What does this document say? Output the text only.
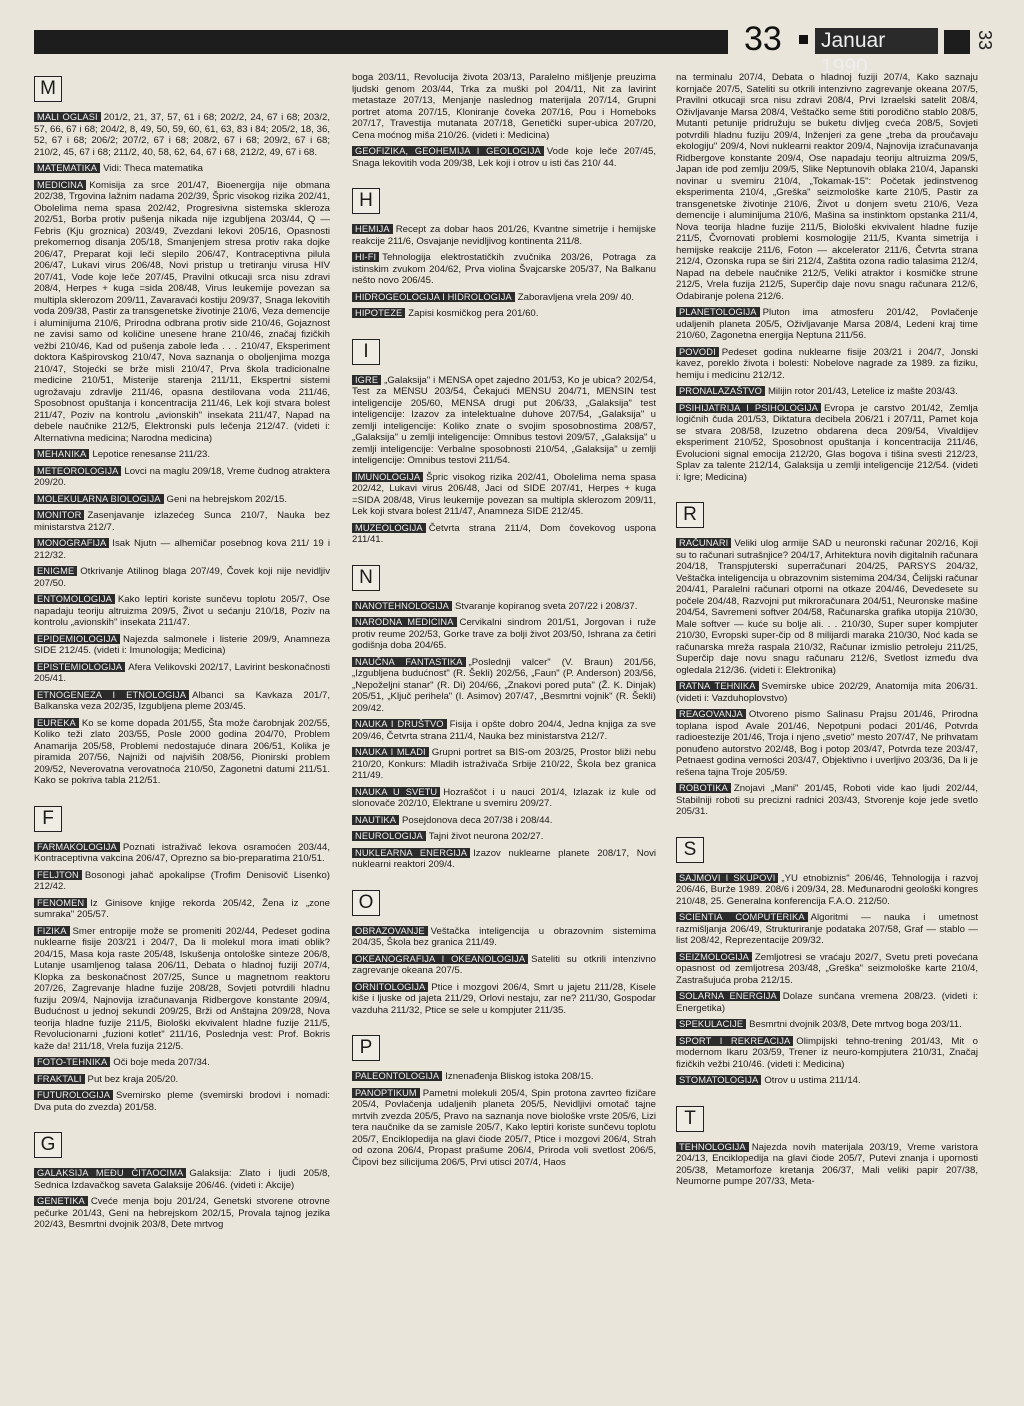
33 Januar 1990.
33
M
MALI OGLASI 201/2, 21, 37, 57, 61 i 68; 202/2, 24, 67 i 68; 203/2, 57, 66, 67 i 68; 204/2, 8, 49, 50, 59, 60, 61, 63, 83 i 84; 205/2, 18, 36, 52, 67 i 68; 206/2; 207/2, 67 i 68; 208/2, 67 i 68; 209/2, 67 i 68; 210/2, 45, 67 i 68; 211/2, 40, 58, 62, 64, 67 i 68, 212/2, 49, 67 i 68.
MATEMATIKA Vidi: Theca matematika
MEDICINA Komisija za srce 201/47, Bioenergija nije obmana 202/38, Trgovina lažnim nadama 202/39, Špric visokog rizika 202/41, Obolelima nema spasa 202/42, Progresivna sistemska skleroza 202/51, Borba protiv pušenja nikada nije izgubljena 203/44, Q — Febris (Kju groznica) 203/49, Zvezdani lekovi 205/16, Opasnosti prekomernog disanja 205/18, Smanjenjem stresa protiv raka dojke 206/47, Preparat koji leči slepilo 206/47, Kontraceptivna pilula 206/47, Lukavi virus 206/48, Novi pristup u tretiranju virusa HIV 207/41, Vode koje leče 207/45, Pravilni otkucaji srca nisu zdravi 208/4, Herpes + kuga =sida 208/48, Virus leukemije povezan sa multipla sklerozom 209/11, Zavaravaći kostiju 209/37, Snaga lekovitih voda 209/38, Pastir za transgenetske životinje 210/6, Veza demencije i aluminijuma 210/6, Prirodna odbrana protiv side 210/46, Gojaznost ne zavisi samo od količine unesene hrane 210/46, značaj fizičkih vežbi 210/46, Kad od pušenja zabole leđa . . . 210/47, Eksperiment doktora Kašpirovskog 210/47, Nova saznanja o oboljenjima mozga 210/47, Stojećki se brže misli 210/47, Prva škola tradicionalne medicine 210/51, Misterije starenja 211/11, Ekspertni sistemi ugrožavaju zdravlje 211/46, opasna destilovana voda 211/46, Sposobnost opuštanja i koncentracija 211/46, Lek koji stvara bolest 211/47, Poziv na kontrolu „avionskih" insekata 211/47, Napad na debele naučnike 212/5, Elektronski puls lečenja 212/47. (videti i: Alternativna medicina; Narodna medicina)
MEHANIKA Lepotice renesanse 211/23.
METEOROLOGIJA Lovci na maglu 209/18, Vreme čudnog atraktera 209/20.
MOLEKULARNA BIOLOGIJA Geni na hebrejskom 202/15.
MONITOR Zasenjavanje izlazećeg Sunca 210/7, Nauka bez ministarstva 212/7.
MONOGRAFIJA Isak Njutn — alhemičar posebnog kova 211/ 19 i 212/32.
ENIGME Otkrivanje Atilinog blaga 207/49, Čovek koji nije nevidljiv 207/50.
ENTOMOLOGIJA Kako leptiri koriste sunčevu toplotu 205/7, Ose napadaju teoriju altruizma 209/5, Život u sećanju 210/18, Poziv na kontrolu „avionskih" insekata 211/47.
EPIDEMIOLOGIJA Najezda salmonele i listerie 209/9, Anamneza SIDE 212/45. (videti i: Imunologija; Medicina)
EPISTEMIOLOGIJA Afera Velikovski 202/17, Lavirint beskonačnosti 205/41.
ETNOGENEZA I ETNOLOGIJA Albanci sa Kavkaza 201/7, Balkanska veza 202/35, Izgubljena pleme 203/45.
EUREKA Ko se kome dopada 201/55, Šta može čarobnjak 202/55, Koliko teži zlato 203/55, Posle 2000 godina 204/70, Problem Anamarija 205/58, Problemi nedostajuće dinara 206/51, Kolika je piramida 207/56, Najniži od najviših 208/56, Pionirski problem 209/52, Neverovatna verovatnoća 210/50, Zagonetni datumi 211/51. Kako se pokriva tabla 212/51.
F
FARMAKOLOGIJA Poznati istraživač lekova osramoćen 203/44, Kontraceptivna vakcina 206/47, Oprezno sa bio-preparatima 210/51.
FELJTON Bosonogi jahač apokalipse (Trofim Denisovič Lisenko) 212/42.
FENOMEN Iz Ginisove knjige rekorda 205/42, Žena iz „zone sumraka" 205/57.
FIZIKA Smer entropije može se promeniti 202/44, Pedeset godina nuklearne fisije 203/21 i 204/7, Da li molekul mora imati oblik? 204/15, Masa koja raste 205/48, Iskušenja ontološke sinteze 206/8, Lutanje usamljenog talasa 206/11, Debata o hladnoj fuziji 207/4, Klopka za beskonačnost 207/25, Sunce u magnetnom reaktoru 207/26, Zagrevanje hladne fuzije 208/28, Sovjeti potvrdili hladnu fuziju 209/4, Najnovija izračunavanja Ridbergove konstante 209/4, Budućnost u jednoj sekundi 209/25, Brži od Anštajna 209/28, Nova teorija hladne fuzije 211/5, Biološki ekvivalent hladne fuzije 211/5, Revolucionarni „fuzioni kotlet" 211/16, Poslednja vest: Prof. Bokris kaže da! 211/18, Vrela fuzija 212/5.
FOTO-TEHNIKA Oči boje meda 207/34.
FRAKTALI Put bez kraja 205/20.
FUTUROLOGIJA Svemirsko pleme (svemirski brodovi i nomadi: Dva puta do zvezda) 201/58.
G
GALAKSIJA MEĐU ČITAOCIMA Galaksija: Zlato i ljudi 205/8, Sednica Izdavačkog saveta Galaksije 206/46. (videti i: Akcije)
GENETIKA Cveće menja boju 201/24, Genetski stvorene otrovne pečurke 201/43, Geni na hebrejskom 202/15, Provala tajnog jezika 202/43, Besmrtni dvojnik 203/8, Dete mrtvog
boga 203/11, Revolucija života 203/13, Paralelno mišljenje preuzima ljudski genom 203/44, Trka za muški pol 204/11, Nit za lavirint metastaze 207/13, Menjanje naslednog materijala 207/14, Grupni portret atoma 207/15, Kloniranje čoveka 207/16, Pou i Homeboks 207/17, Travestija mutanata 207/18, Genetički super-ubica 207/20, Cena moćnog miša 210/26. (videti i: Medicina)
GEOFIZIKA, GEOHEMIJA I GEOLOGIJA Vode koje leče 207/45, Snaga lekovitih voda 209/38, Lek koji i otrov u isti čas 210/ 44.
H
HEMIJA Recept za dobar haos 201/26, Kvantne simetrije i hemijske reakcije 211/6, Osvajanje nevidljivog kontinenta 211/8.
HI-FI Tehnologija elektrostatičkih zvučnika 203/26, Potraga za istinskim zvukom 204/62, Prva violina Švajcarske 205/37, Na Balkanu nešto novo 206/45.
HIDROGEOLOGIJA I HIDROLOGIJA Zaboravljena vrela 209/ 40.
HIPOTEZE Zapisi kosmičkog pera 201/60.
I
IGRE „Galaksija" i MENSA opet zajedno 201/53, Ko je ubica? 202/54, Test za MENSU 203/54, Čekajući MENSU 204/71, MENSIN test inteligencije 205/60, MENSA drugi put 206/33, „Galaksija" test inteligencije: Izazov za intelektualne duhove 207/54, „Galaksija" u zemlji inteligencije: Koliko znate o svojim sposobnostima 208/57, „Galaksija" u zemlji inteligencije: Omnibus testovi 209/57, „Galaksija" u zemlji inteligencije: Verbalne sposobnosti 210/54, „Galaksija" u zemlji inteligencije: Omnibus testovi 211/54.
IMUNOLOGIJA Špric visokog rizika 202/41, Obolelima nema spasa 202/42, Lukavi virus 206/48, Jaci od SIDE 207/41, Herpes + kuga =SIDA 208/48, Virus leukemije povezan sa multipla sklerozom 209/11, Lek koji stvara bolest 211/47, Anamneza SIDE 212/45.
MUZEOLOGIJA Četvrta strana 211/4, Dom čovekovog uspona 211/41.
N
NANOTEHNOLOGIJA Stvaranje kopiranog sveta 207/22 i 208/37.
NARODNA MEDICINA Cervikalni sindrom 201/51, Jorgovan i ruže protiv reume 202/53, Gorke trave za bolji život 203/50, Ishrana za četiri godišnja doba 204/65.
NAUČNA FANTASTIKA „Poslednji valcer" (V. Braun) 201/56, „Izgubljena budućnost" (R. Šekli) 202/56, „Faun" (P. Anderson) 203/56, „Nepoželjni stanar" (R. Di) 204/66, „Znakovi pored puta" (Ž. K. Dinjak) 205/51, „Ključ perihela" (I. Asimov) 207/47, „Besmrtni vojnik" (R. Šekli) 209/42.
NAUKA I DRUŠTVO Fisija i opšte dobro 204/4, Jedna knjiga za sve 209/46, Četvrta strana 211/4, Nauka bez ministarstva 212/7.
NAUKA I MLADI Grupni portret sa BIS-om 203/25, Prostor bliži nebu 210/20, Konkurs: Mladih istraživača Srbije 210/22, Škola bez granica 211/49.
NAUKA U SVETU Hozraščot i u nauci 201/4, Izlazak iz kule od slonovače 202/10, Elektrane u svemiru 209/27.
NAUTIKA Posejdonova deca 207/38 i 208/44.
NEUROLOGIJA Tajni život neurona 202/27.
NUKLEARNA ENERGIJA Izazov nuklearne planete 208/17, Novi nuklearni reaktori 209/4.
O
OBRAZOVANJE Veštačka inteligencija u obrazovnim sistemima 204/35, Škola bez granica 211/49.
OKEANOGRAFIJA I OKEANOLOGIJA Sateliti su otkrili intenzivno zagrevanje okeana 207/5.
ORNITOLOGIJA Ptice i mozgovi 206/4, Smrt u jajetu 211/28, Kisele kiše i ljuske od jajeta 211/29, Orlovi nestaju, zar ne? 211/30, Gospodar vazduha 211/32, Ptice se sele u kompjuter 211/35.
P
PALEONTOLOGIJA Iznenađenja Bliskog istoka 208/15.
PANOPTIKUM Pametni molekuli 205/4, Spin protona zavrteo fizičare 205/4, Povlačenja udaljenih planeta 205/5, Nevidljivi omotač tajne mrtvih zvezda 205/5, Pravo na saznanja nove biološke vrste 205/6, Lizi tera naučnike da se zamisle 205/7, Kako leptiri koriste sunčevu toplotu 205/7, Enciklopedija na glavi čiode 205/7, Ptice i mozgovi 206/4, Strah od ozona 206/4, Propast prašume 206/4, Priroda voli svetlost 206/5, Čipovi bez silicijuma 206/5, Prvi utisci 207/4, Haos
na terminalu 207/4, Debata o hladnoj fuziji 207/4, Kako saznaju kornjače 207/5, Sateliti su otkrili intenzivno zagrevanje okeana 207/5, Pravilni otkucaji srca nisu zdravi 208/4, Prvi Izraelski satelit 208/4, Oživljavanje Marsa 208/4, Veštačko seme štiti porodično stablo 208/5, Mutanti petunije pridružuju se buketu divljeg cveća 208/5, Sovjeti potvrdili hladnu fuziju 209/4, Inženjeri za gene „treba da proučavaju ekologiju" 209/4, Novi nuklearni reaktor 209/4, Najnovija izračunavanja Ridbergove konstante 209/4, Ose napadaju teoriju altruizma 209/5, Japan ide pod zemlju 209/5, Slike Neptunovih oblaka 210/4, Japanski novinar u svemiru 210/4, „Tokamak-15": Početak jedinstvenog eksperimenta 210/4, „Greška" seizmološke karte 210/5, Pastir za transgenetske životinje 210/6, Život u donjem svetu 210/6, Veza demencije i aluminijuma 210/6, Mašina sa instinktom opstanka 211/4, Nova teorija hladne fuzije 211/5, Biološki ekvivalent hladne fuzije 211/5, Čvornovati problemi kosmologije 211/5, Kvanta simetrija i hemijske reakcije 211/6, Foton — akcelerator 211/6, Četvrta strana 212/4, Ozonska rupa se širi 212/4, Zaštita ozona radio talasima 212/4, Napad na debele naučnike 212/5, Veliki atraktor i kosmičke strune 212/5, Vrela fuzija 212/5, Superčip daje novu snagu računara 212/6, Odabiranje polena 212/6.
PLANETOLOGIJA Pluton ima atmosferu 201/42, Povlačenje udaljenih planeta 205/5, Oživljavanje Marsa 208/4, Ledeni kraj time 210/60, Zagonetna energija Neptuna 211/56.
POVODI Pedeset godina nuklearne fisije 203/21 i 204/7, Jonski kavez, poreklo života i bolesti: Nobelove nagrade za 1989. za fiziku, hemiju i medicinu 212/12.
PRONALAZAŠTVO Milijin rotor 201/43, Letelice iz mašte 203/43.
PSIHIJATRIJA I PSIHOLOGIJA Evropa je carstvo 201/42, Zemlja logičnih čuda 201/53, Diktatura decibela 206/21 i 207/11, Pamet koja se stvara 208/58, Izuzetno obdarena deca 209/54, Vivaldijev eksperiment 210/52, Sposobnost opuštanja i koncentracija 211/46, Evolucioni signal emocija 212/20, Glas bogova i tišina svesti 212/23, Splav za talente 212/14, Galaksija u zemlji inteligencije 212/54. (videti i: Igre; Medicina)
R
RAČUNARI Veliki ulog armije SAD u neuronski računar 202/16, Koji su to računari sutrašnjice? 204/17, Arhitektura novih digitalnih računara 204/18, Transpjuterski superračunari 204/25, PARSYS 204/32, Veštačka inteligencija u obrazovnim sistemima 204/34, Čelijski računar 204/41, Paralelni računari otporni na otkaze 204/46, Devedesete su počele 204/48, Razvojni put mikroračunara 204/51, Neuronske mašine 204/54, Savremeni softver 204/58, Računarska grafika utopija 210/30, Male softver — kuće su bolje ali. . . 210/30, Super super kompjuter 210/30, Evropski super-čip od 8 milijardi maraka 210/30, Noć kada se računarska mreža raspala 210/32, Računar izmislio petroleju 211/25, Superčip daje novu snagu računaru 212/6, Svetlost između dva ogledala 212/36. (videti i: Elektronika)
RATNA TEHNIKA Svemirske ubice 202/29, Anatomija mita 206/31. (videti i: Vazduhoplovstvo)
REAGOVANJA Otvoreno pismo Salinasu Prajsu 201/46, Prirodna toplana ispod Avale 201/46, Nepotpuni podaci 201/46, Potvrda radioestezije 201/46, Troja i njeno „svetio" mesto 207/47, Ne prihvatam ponuđeno autorstvo 202/48, Bog i potop 203/47, Potvrda teze 203/47, Petnaest godina verności 203/47, Objektivno i uverljivo 203/36, Da li je rešena tajna Troje 205/59.
ROBOTIKA Znojavi „Mani" 201/45, Roboti vide kao ljudi 202/44, Stabilniji roboti su precizni radnici 203/43, Stvorenje koje jede svetlo 205/31.
S
SAJMOVI I SKUPOVI „YU etnobiznis" 206/46, Tehnologija i razvoj 206/46, Burže 1989. 208/6 i 209/34, 28. Međunarodni geološki kongres 210/48, 25. Generalna konferencija F.A.O. 212/50.
SCIENTIA COMPUTERIKA Algoritmi — nauka i umetnost razmišljanja 206/49, Strukturiranje podataka 207/58, Graf — stablo — list 208/42, Reprezentacije 209/32.
SEIZMOLOGIJA Zemljotresi se vraćaju 202/7, Svetu preti povećana opasnost od zemljotresa 203/48, „Greška" seizmološke karte 210/4, Zastrašujuća proba 212/15.
SOLARNA ENERGIJA Dolaze sunčana vremena 208/23. (videti i: Energetika)
SPEKULACIJE Besmrtni dvojnik 203/8, Dete mrtvog boga 203/11.
SPORT I REKREACIJA Olimpijski tehno-trening 201/43, Mit o modernom Ikaru 203/59, Trener iz neuro-kompjutera 210/31, Značaj fizičkih vežbi 210/46. (videti i: Medicina)
STOMATOLOGIJA Otrov u ustima 211/14.
T
TEHNOLOGIJA Najezda novih materijala 203/19, Vreme varistora 204/13, Enciklopedija na glavi čiode 205/7, Putevi znanja i upornosti 205/38, Metamorfoze kretanja 206/37, Mali veliki papir 207/38, Neumorne pumpe 207/33, Meta-
